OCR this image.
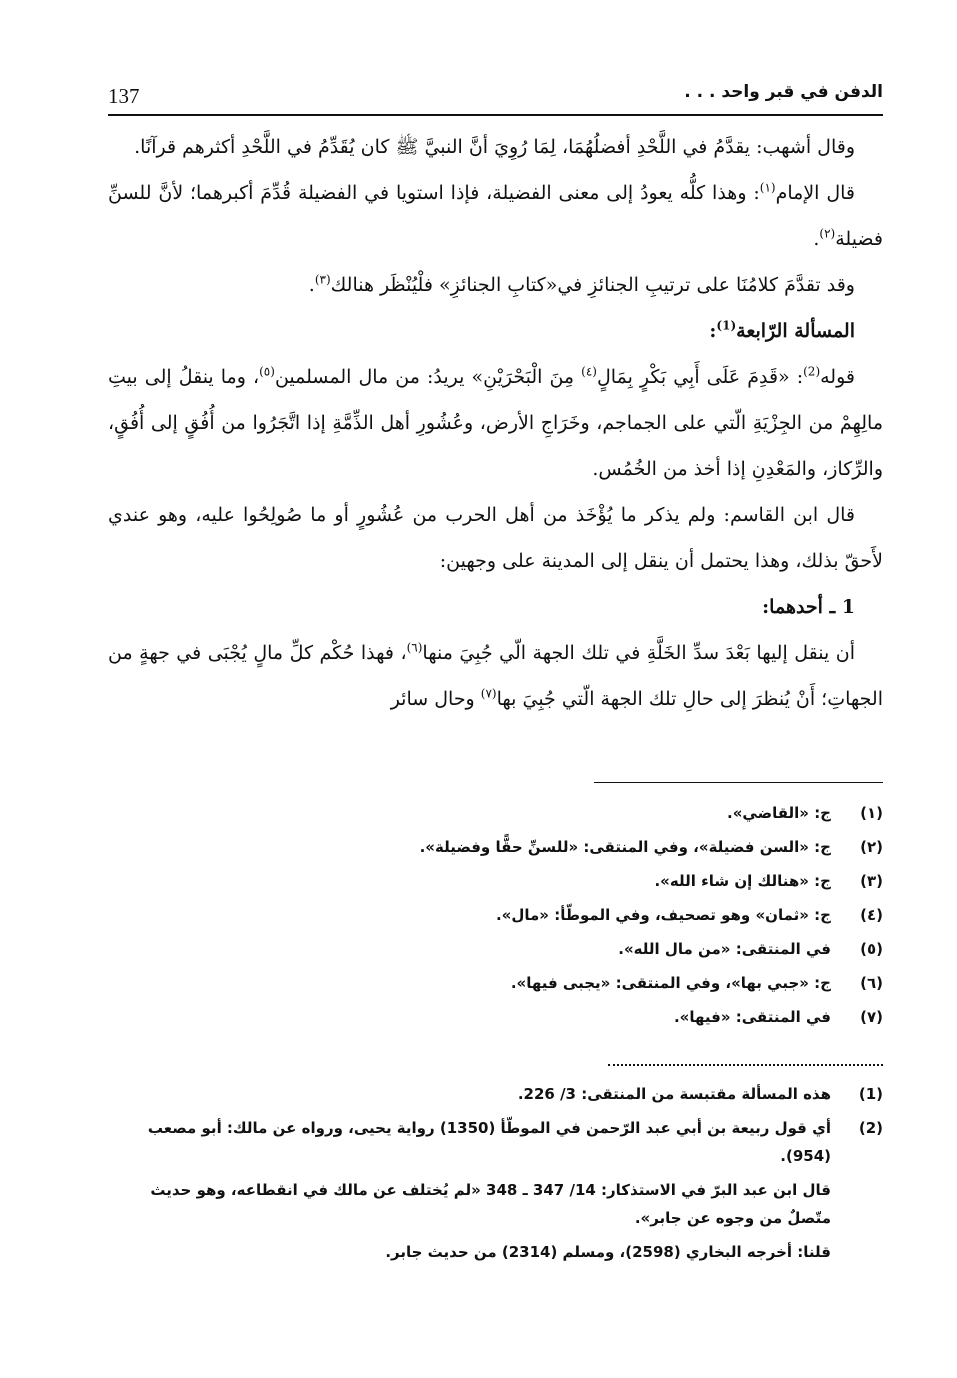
137	الدفن في قبر واحد . . .

وقال أشهب: يقدَّمُ في اللَّحْدِ أفضلُهُمَا، لِمَا رُوِيَ أنَّ النبيَّ ﷺ كان يُقَدِّمُ في اللَّحْدِ أكثرهم قرآنًا.

قال الإمام$^{(١)}$: وهذا كلُّه يعودُ إلى معنى الفضيلة، فإذا استويا في الفضيلة قُدِّمَ أكبرهما؛ لأنَّ للسنِّ فضيلة$^{(٢)}$.

وقد تقدَّمَ كلامُنَا على ترتيبِ الجنائزِ في«كتابِ الجنائزِ» فلْيُنْظَر هنالك$^{(٣)}$.

المسألة الرّابعة$^{(1)}$:

قوله$^{(2)}$: «قَدِمَ عَلَى أَبِي بَكْرٍ بِمَالٍ$^{(٤)}$ مِنَ الْبَحْرَيْنِ» يريدُ: من مال المسلمين$^{(٥)}$، وما ينقلُ إلى بيتِ مالِهِمْ من الجِزْيَةِ الّتي على الجماجم، وخَرَاجِ الأرض، وعُشُورِ أهل الذِّمَّةِ إذا اتَّجَرُوا من أُفُقٍ إلى أُفُقٍ، والرِّكاز، والمَعْدِنِ إذا أخذ من الخُمُس.

قال ابن القاسم: ولم يذكر ما يُؤْخَذ من أهل الحرب من عُشُورٍ أو ما صُولِحُوا عليه، وهو عندي لأَحقّ بذلك، وهذا يحتمل أن ينقل إلى المدينة على وجهين:

1 ـ أحدهما:

أن ينقل إليها بَعْدَ سدِّ الخَلَّةِ في تلك الجهة الّي جُبِيَ منها$^{(٦)}$، فهذا حُكْم كلِّ مالٍ يُجْبَى في جهةٍ من الجهاتِ؛ أَنْ يُنظرَ إلى حالِ تلك الجهة الّتي جُبِيَ بها$^{(٧)}$ وحال سائر

(١)
ج: «القاضي».
(٢)
ج: «السن فضيلة»، وفي المنتقى: «للسنِّ حقًّا وفضيلة».
(٣)
ج: «هنالك إن شاء الله».
(٤)
ج: «ثمان» وهو تصحيف، وفي الموطّأ: «مال».
(٥)
في المنتقى: «من مال الله».
(٦)
ج: «جبي بها»، وفي المنتقى: «يجبى فيها».
(٧)
في المنتقى: «فيها».
(1)
هذه المسألة مقتبسة من المنتقى: 3/ 226.
(2)
أي قول ربيعة بن أبي عبد الرّحمن في الموطّأ (1350) رواية يحيى، ورواه عن مالك: أبو مصعب (954).
قال ابن عبد البرّ في الاستذكار: 14/ 347 ـ 348 «لم يُختلف عن مالك في انقطاعه، وهو حديث متّصلٌ من وجوه عن جابر».
قلنا: أخرجه البخاري (2598)، ومسلم (2314) من حديث جابر.
